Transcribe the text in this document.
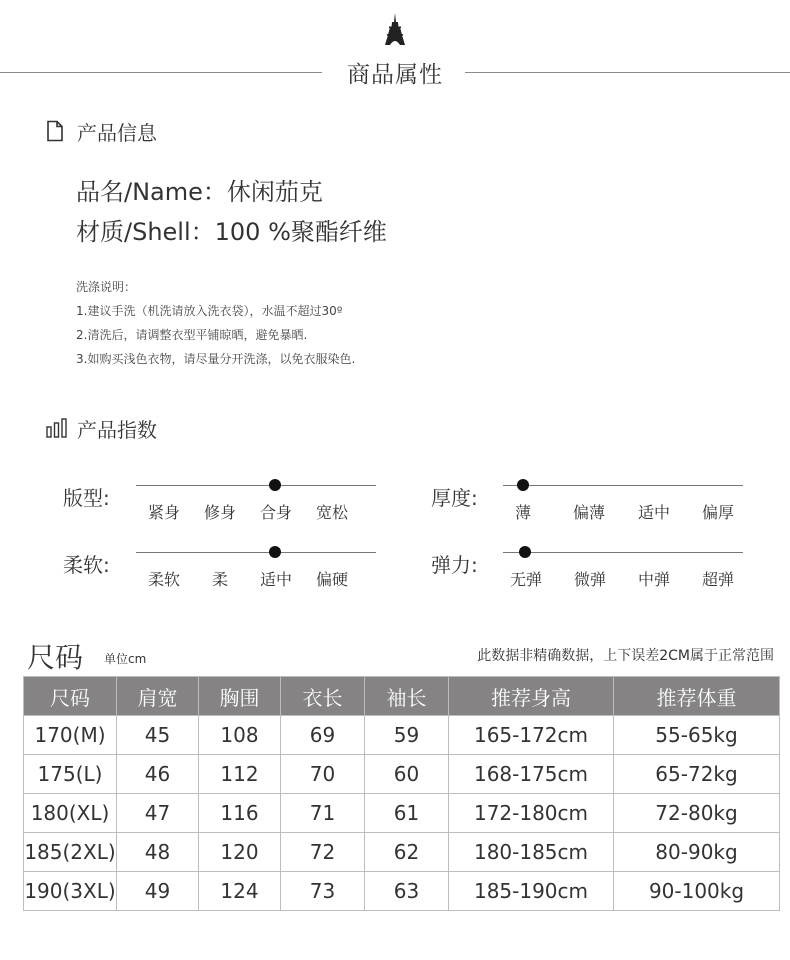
商品属性
产品信息
品名/Name：休闲茄克
材质/Shell：100 %聚酯纤维
洗涤说明：
1.建议手洗（机洗请放入洗衣袋），水温不超过30º
2.清洗后，请调整衣型平铺晾晒，避免暴晒.
3.如购买浅色衣物，请尽量分开洗涤，以免衣服染色.
产品指数
版型:
紧身	修身	合身	宽松
厚度:
薄	偏薄	适中	偏厚
柔软:
柔软	柔	适中	偏硬
弹力:
无弹	微弹	中弹	超弹
尺码 单位cm	此数据非精确数据，上下误差2CM属于正常范围
尺码	肩宽	胸围	衣长	袖长	推荐身高	推荐体重
170(M)	45	108	69	59	165-172cm	55-65kg
175(L)	46	112	70	60	168-175cm	65-72kg
180(XL)	47	116	71	61	172-180cm	72-80kg
185(2XL)	48	120	72	62	180-185cm	80-90kg
190(3XL)	49	124	73	63	185-190cm	90-100kg
